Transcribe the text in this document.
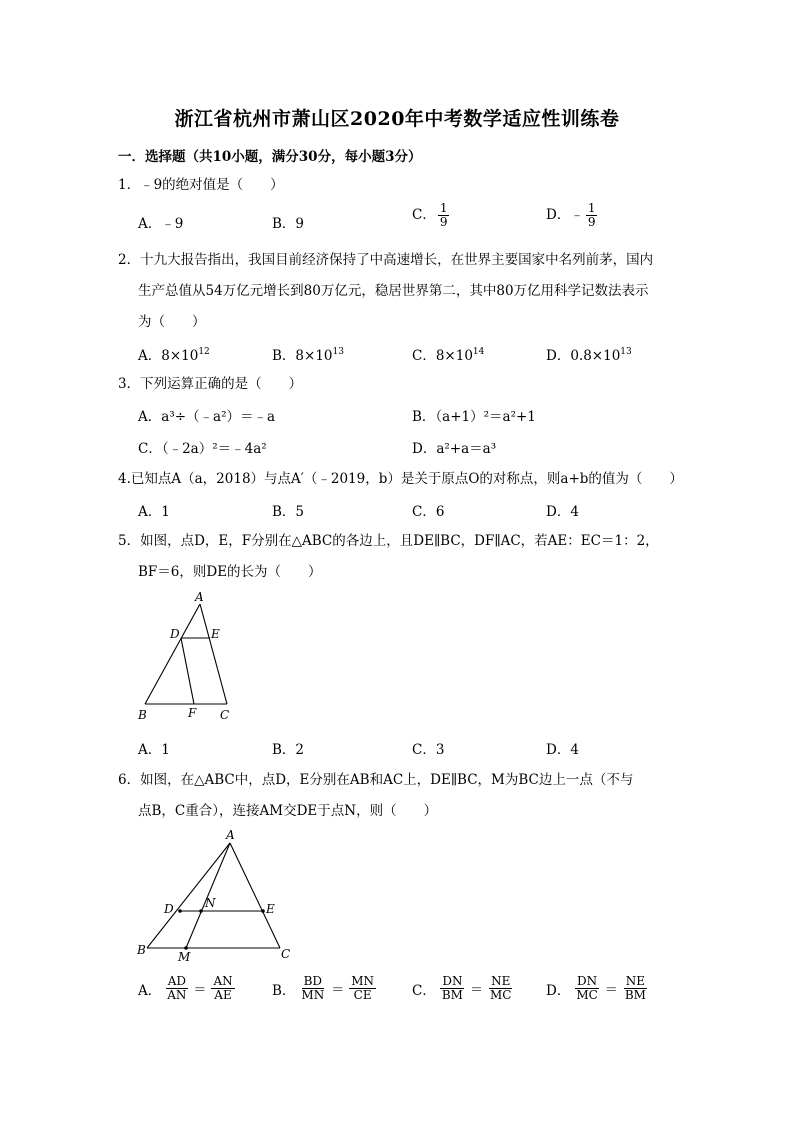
浙江省杭州市萧山区2020年中考数学适应性训练卷
一．选择题（共10小题，满分30分，每小题3分）
1．﹣9的绝对值是（　　）
A．﹣9	B．9
C． $\frac{1}{9}$	D．﹣ $\frac{1}{9}$
2．十九大报告指出，我国目前经济保持了中高速增长，在世界主要国家中名列前茅，国内
生产总值从54万亿元增长到80万亿元，稳居世界第二，其中80万亿用科学记数法表示
为（　　）
A．$8\times 10^{12}$	B．$8\times 10^{13}$	C．$8\times 10^{14}$	D．$0.8\times 10^{13}$
3．下列运算正确的是（　　）
A．a³÷（﹣a²）＝﹣a	B．（a+1）²＝a²+1
C．（﹣2a）²＝﹣4a²	D．a²+a＝a³
4.已知点A（a，2018）与点A′（﹣2019，b）是关于原点O的对称点，则a+b的值为（　　）
A．1	B．5	C．6	D．4
5．如图，点D，E，F分别在△ABC的各边上，且DE∥BC，DF∥AC，若AE：EC＝1：2，
BF＝6，则DE的长为（　　）
A
D	E
B	F C
A．1	B．2	C．3	D．4
6．如图，在△ABC中，点D，E分别在AB和AC上，DE∥BC，M为BC边上一点（不与
点B，C重合），连接AM交DE于点N，则（　　）
A
D	N	E
B	M	C
A． $\frac{AD}{AN} = \frac{AN}{AE}$	B． $\frac{BD}{MN} = \frac{MN}{CE}$	C． $\frac{DN}{BM} = \frac{NE}{MC}$ D． $\frac{DN}{MC} = \frac{NE}{BM}$
